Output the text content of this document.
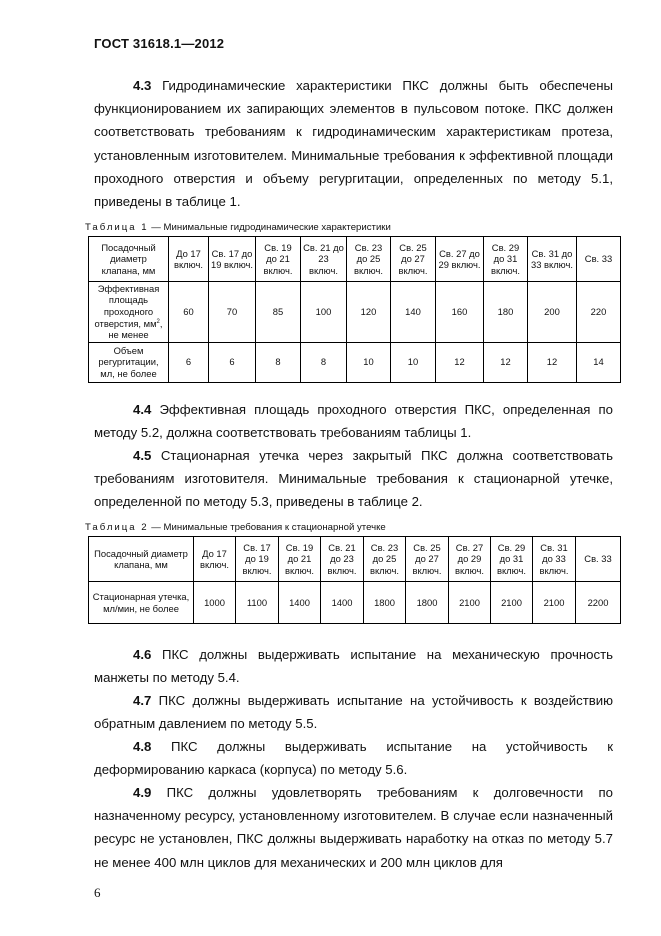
ГОСТ 31618.1—2012

4.3 Гидродинамические характеристики ПКС должны быть обеспечены функционированием их запирающих элементов в пульсовом потоке. ПКС должен соответствовать требованиям к гидродинамическим характеристикам протеза, установленным изготовителем. Минимальные требования к эффективной площади проходного отверстия и объему регургитации, определенных по методу 5.1, приведены в таблице 1.

Таблица 1 — Минимальные гидродинамические характеристики
Посадочный диаметр клапана, мм	До 17 включ.	Св. 17 до 19 включ.	Св. 19 до 21 включ.	Св. 21 до 23 включ.	Св. 23 до 25 включ.	Св. 25 до 27 включ.	Св. 27 до 29 включ.	Св. 29 до 31 включ.	Св. 31 до 33 включ.	Св. 33
Эффективная площадь проходного отверстия, $мм^2$, не менее	60	70	85	100	120	140	160	180	200	220
Объем регургитации, мл, не более	6	6	8	8	10	10	12	12	12	14

4.4 Эффективная площадь проходного отверстия ПКС, определенная по методу 5.2, должна соответствовать требованиям таблицы 1.

4.5 Стационарная утечка через закрытый ПКС должна соответствовать требованиям изготовителя. Минимальные требования к стационарной утечке, определенной по методу 5.3, приведены в таблице 2.

Таблица 2 — Минимальные требования к стационарной утечке
Посадочный диаметр клапана, мм	До 17 включ.	Св. 17 до 19 включ.	Св. 19 до 21 включ.	Св. 21 до 23 включ.	Св. 23 до 25 включ.	Св. 25 до 27 включ.	Св. 27 до 29 включ.	Св. 29 до 31 включ.	Св. 31 до 33 включ.	Св. 33
Стационарная утечка, мл/мин, не более	1000	1100	1400	1400	1800	1800	2100	2100	2100	2200

4.6 ПКС должны выдерживать испытание на механическую прочность манжеты по методу 5.4.

4.7 ПКС должны выдерживать испытание на устойчивость к воздействию обратным давлением по методу 5.5.

4.8 ПКС должны выдерживать испытание на устойчивость к деформированию каркаса (корпуса) по методу 5.6.

4.9 ПКС должны удовлетворять требованиям к долговечности по назначенному ресурсу, установленному изготовителем. В случае если назначенный ресурс не установлен, ПКС должны выдерживать наработку на отказ по методу 5.7 не менее 400 млн циклов для механических и 200 млн циклов для

6
